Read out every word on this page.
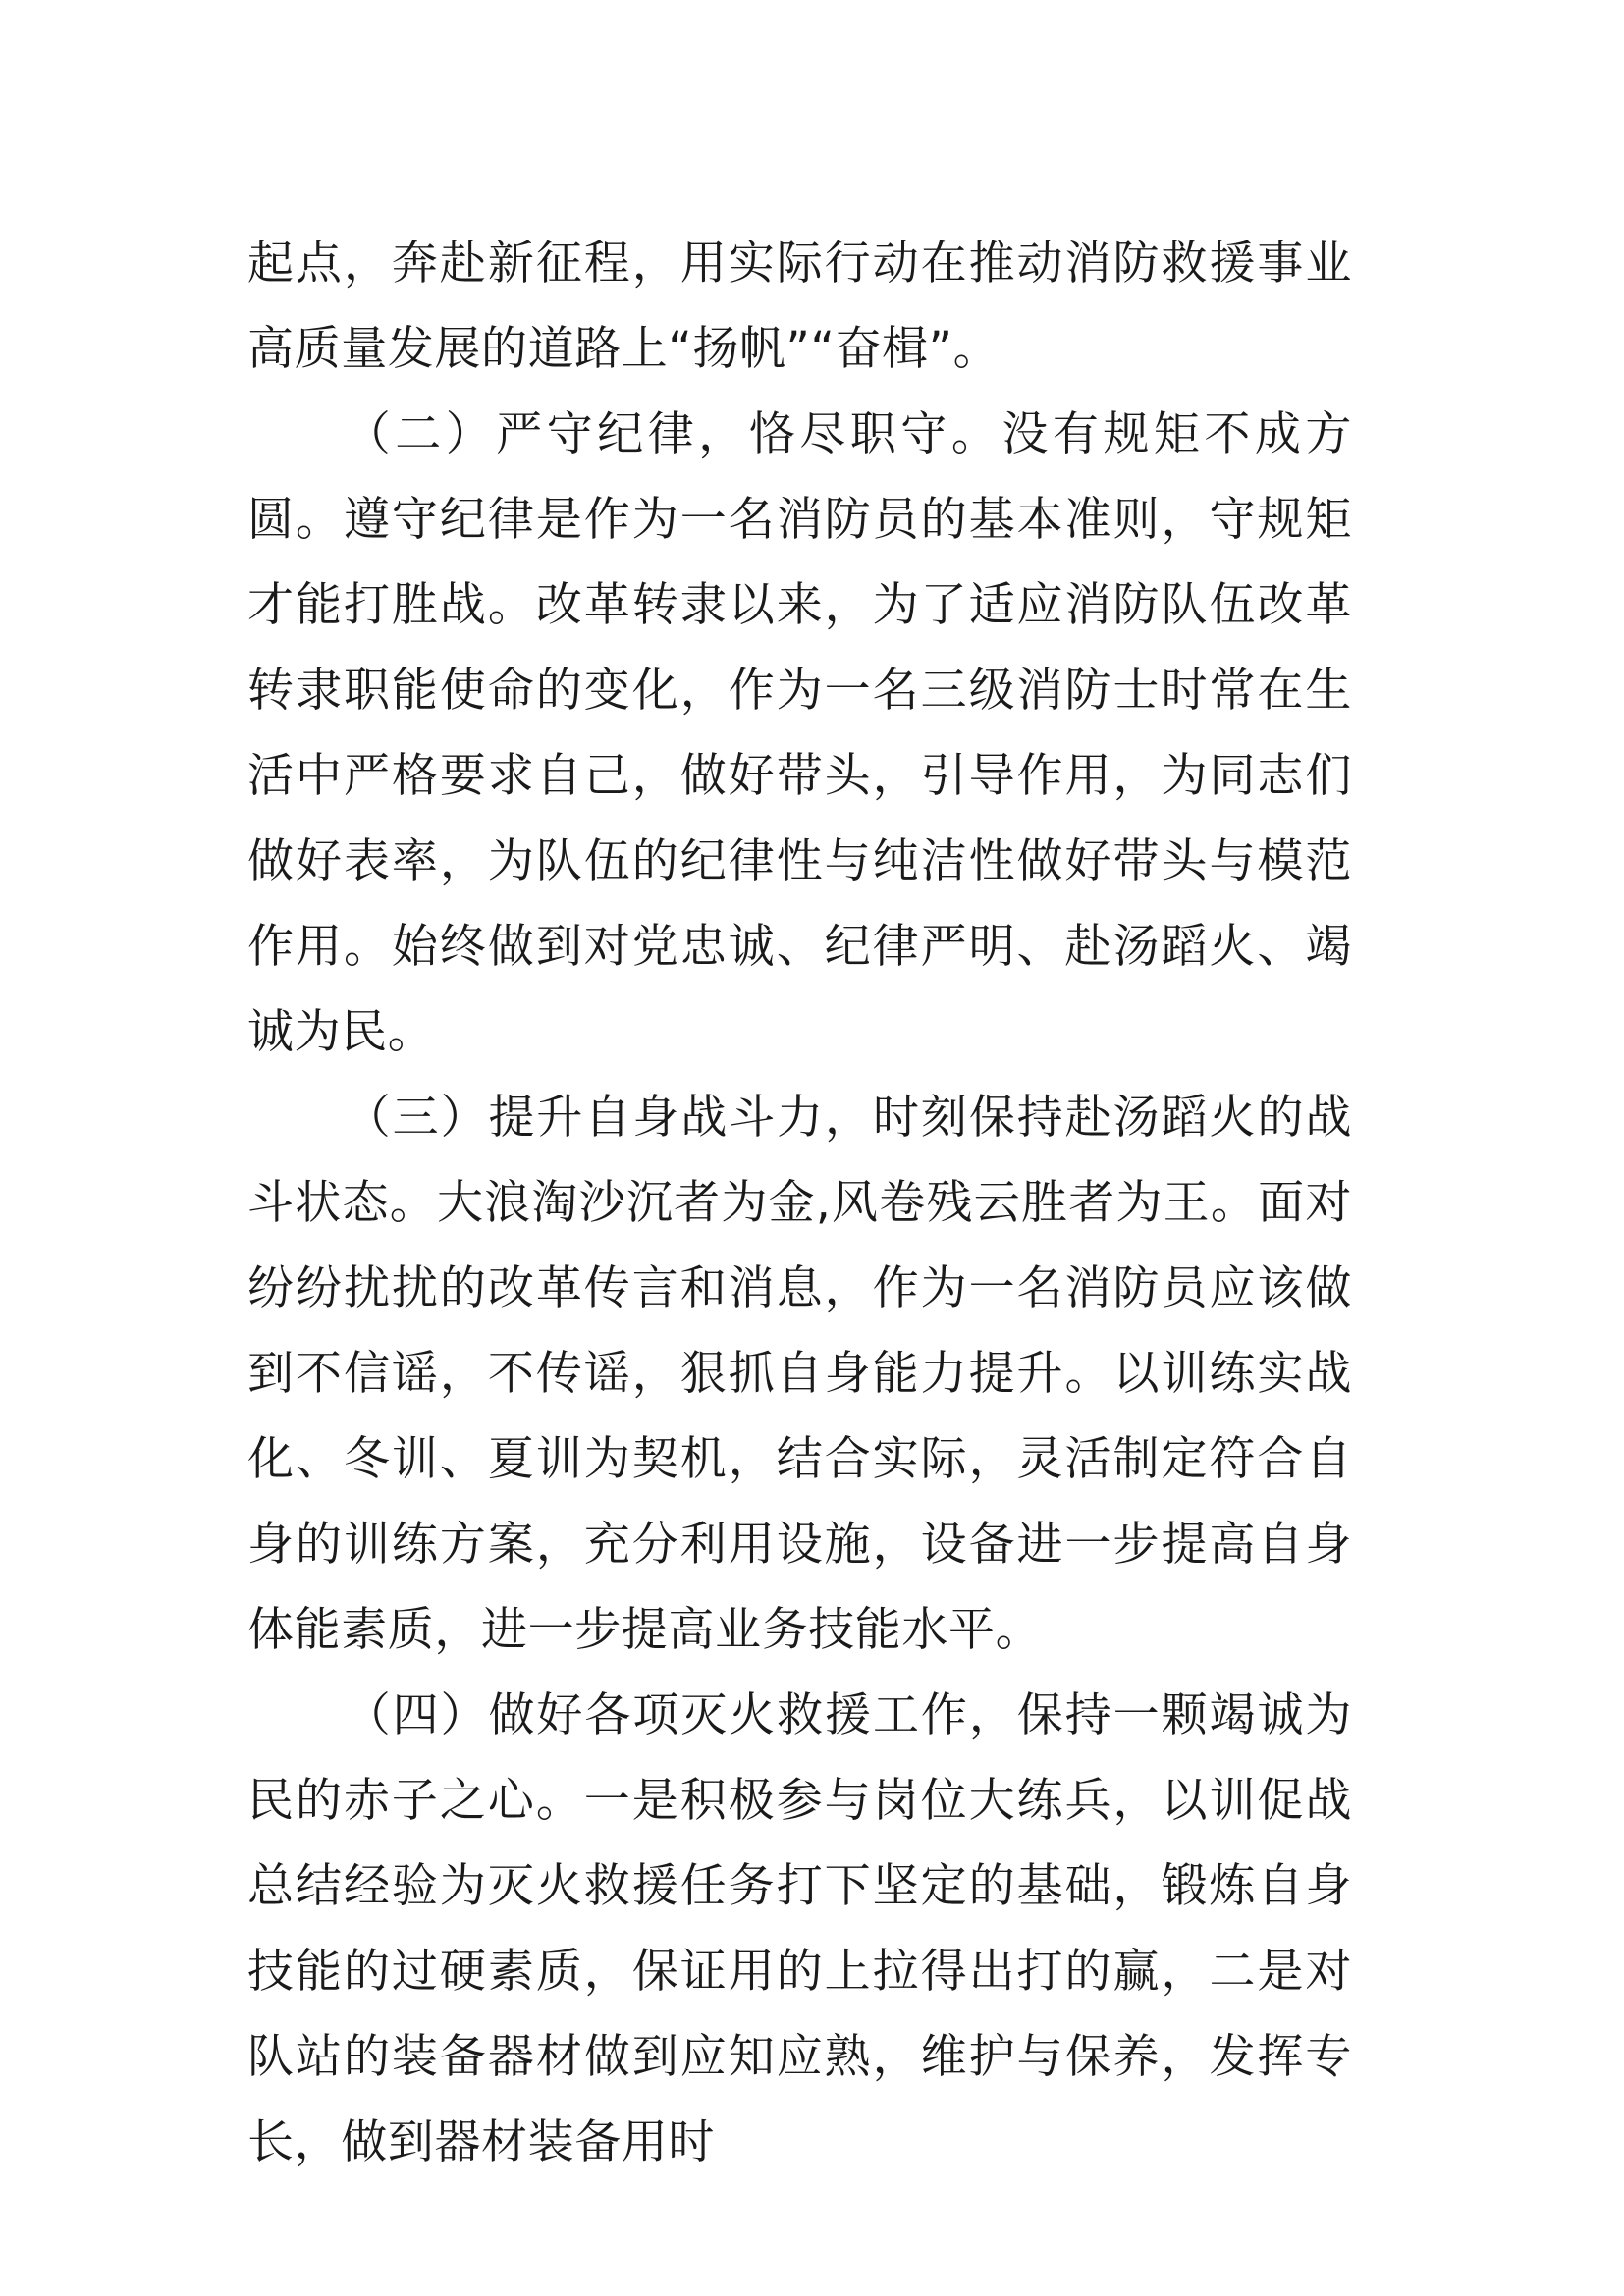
起点，奔赴新征程，用实际行动在推动消防救援事业高质量发展的道路上“扬帆”“奋楫”。

（二）严守纪律，恪尽职守。没有规矩不成方圆。遵守纪律是作为一名消防员的基本准则，守规矩才能打胜战。改革转隶以来，为了适应消防队伍改革转隶职能使命的变化，作为一名三级消防士时常在生活中严格要求自己，做好带头，引导作用，为同志们做好表率，为队伍的纪律性与纯洁性做好带头与模范作用。始终做到对党忠诚、纪律严明、赴汤蹈火、竭诚为民。

（三）提升自身战斗力，时刻保持赴汤蹈火的战斗状态。大浪淘沙沉者为金,风卷残云胜者为王。面对纷纷扰扰的改革传言和消息，作为一名消防员应该做到不信谣，不传谣，狠抓自身能力提升。以训练实战化、冬训、夏训为契机，结合实际，灵活制定符合自身的训练方案，充分利用设施，设备进一步提高自身体能素质，进一步提高业务技能水平。

（四）做好各项灭火救援工作，保持一颗竭诚为民的赤子之心。一是积极参与岗位大练兵，以训促战总结经验为灭火救援任务打下坚定的基础，锻炼自身技能的过硬素质，保证用的上拉得出打的赢，二是对队站的装备器材做到应知应熟，维护与保养，发挥专长，做到器材装备用时
